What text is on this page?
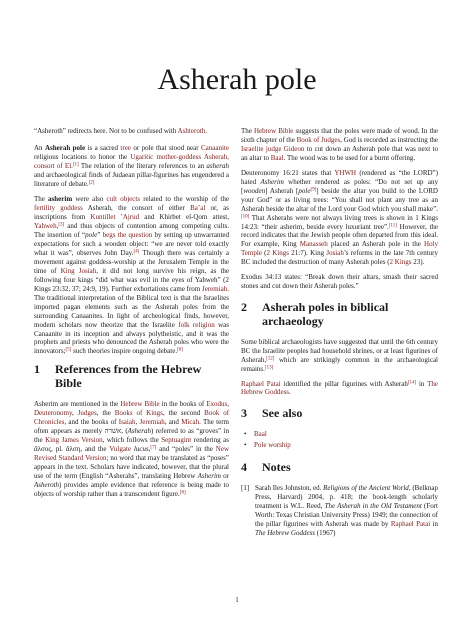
Asherah pole

“Asheroth” redirects here. Not to be confused with Ashteroth.

An Asherah pole is a sacred tree or pole that stood near Canaanite religious locations to honor the Ugaritic mother-goddess Asherah, consort of El.[1] The relation of the literary references to an asherah and archaeological finds of Judaean pillar-figurines has engendered a literature of debate.[2]

The asherim were also cult objects related to the worship of the fertility goddess Asherah, the consort of either Ba’al or, as inscriptions from Kuntillet ’Ajrud and Khirbet el-Qom attest, Yahweh,[3] and thus objects of contention among competing cults. The insertion of “pole” begs the question by setting up unwarranted expectations for such a wooden object: “we are never told exactly what it was”, observes John Day.[4] Though there was certainly a movement against goddess-worship at the Jerusalem Temple in the time of King Josiah, it did not long survive his reign, as the following four kings “did what was evil in the eyes of Yahweh” (2 Kings 23:32, 37; 24:9, 19). Further exhortations came from Jeremiah. The traditional interpretation of the Biblical text is that the Israelites imported pagan elements such as the Asherah poles from the surrounding Canaanites. In light of archeological finds, however, modern scholars now theorize that the Israelite folk religion was Canaanite in its inception and always polytheistic, and it was the prophets and priests who denounced the Asherah poles who were the innovators;[5] such theories inspire ongoing debate.[6]

1	References from the Hebrew Bible

Asherim are mentioned in the Hebrew Bible in the books of Exodus, Deuteronomy, Judges, the Books of Kings, the second Book of Chronicles, and the books of Isaiah, Jeremiah, and Micah. The term often appears as merely אשׁרה, (Asherah) referred to as “groves” in the King James Version, which follows the Septuagint rendering as ἄλσος, pl. ἄλση, and the Vulgate lucus,[7] and “poles” in the New Revised Standard Version; no word that may be translated as “poses” appears in the text. Scholars have indicated, however, that the plural use of the term (English “Asherahs”, translating Hebrew Asherim or Asheroth) provides ample evidence that reference is being made to objects of worship rather than a transcendent figure.[8]

The Hebrew Bible suggests that the poles were made of wood. In the sixth chapter of the Book of Judges, God is recorded as instructing the Israelite judge Gideon to cut down an Asherah pole that was next to an altar to Baal. The wood was to be used for a burnt offering.

Deuteronomy 16:21 states that YHWH (rendered as “the LORD”) hated Asherim whether rendered as poles: “Do not set up any [wooden] Asherah [pole[9]] beside the altar you build to the LORD your God” or as living trees: “You shall not plant any tree as an Asherah beside the altar of the Lord your God which you shall make”.[10] That Asherahs were not always living trees is shown in 1 Kings 14:23: “their asherim, beside every luxuriant tree”.[11] However, the record indicates that the Jewish people often departed from this ideal. For example, King Manasseh placed an Asherah pole in the Holy Temple (2 Kings 21:7). King Josiah’s reforms in the late 7th century BC included the destruction of many Asherah poles (2 Kings 23).

Exodus 34:13 states: “Break down their altars, smash their sacred stones and cut down their Asherah poles.”

2	Asherah poles in biblical archaeology

Some biblical archaeologists have suggested that until the 6th century BC the Israelite peoples had household shrines, or at least figurines of Asherah,[12] which are strikingly common in the archaeological remains.[13]

Raphael Patai identified the pillar figurines with Asherah[14] in The Hebrew Goddess.

3	See also
• Baal
• Pole worship
4	Notes
[1] Sarah Iles Johnston, ed. Religions of the Ancient World, (Belknap Press, Harvard) 2004, p. 418; the book-length scholarly treatment is W.L. Reed, The Asherah in the Old Testament (Fort Worth: Texas Christian University Press) 1949; the connection of the pillar figurines with Asherah was made by Raphael Patai in The Hebrew Goddess (1967)
1
